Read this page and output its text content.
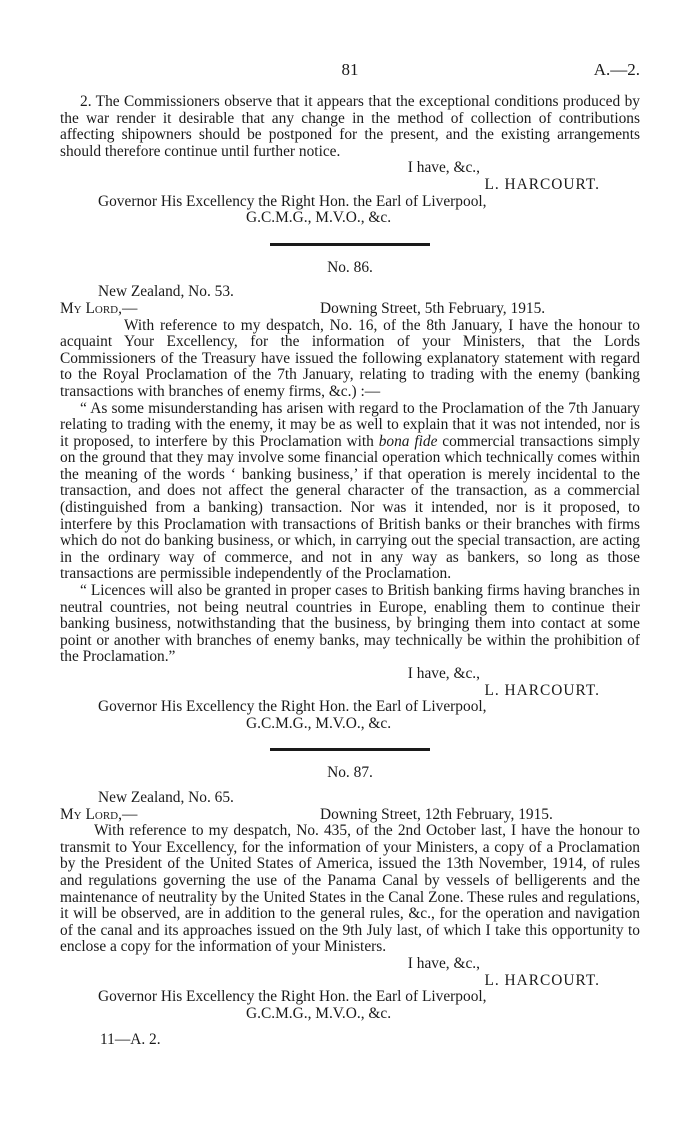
81	A.—2.

2. The Commissioners observe that it appears that the exceptional conditions produced by the war render it desirable that any change in the method of collection of contributions affecting shipowners should be postponed for the present, and the existing arrangements should therefore continue until further notice.

I have, &c.,

L. HARCOURT.

Governor His Excellency the Right Hon. the Earl of Liverpool,

G.C.M.G., M.V.O., &c.

No. 86.

New Zealand, No. 53.

My Lord,—	Downing Street, 5th February, 1915.

With reference to my despatch, No. 16, of the 8th January, I have the honour to acquaint Your Excellency, for the information of your Ministers, that the Lords Commissioners of the Treasury have issued the following explanatory statement with regard to the Royal Proclamation of the 7th January, relating to trading with the enemy (banking transactions with branches of enemy firms, &c.) :—

“ As some misunderstanding has arisen with regard to the Proclamation of the 7th January relating to trading with the enemy, it may be as well to explain that it was not intended, nor is it proposed, to interfere by this Proclamation with bona fide commercial transactions simply on the ground that they may involve some financial operation which technically comes within the meaning of the words ‘ banking business,’ if that operation is merely incidental to the transaction, and does not affect the general character of the transaction, as a commercial (distinguished from a banking) transaction. Nor was it intended, nor is it proposed, to interfere by this Proclamation with transactions of British banks or their branches with firms which do not do banking business, or which, in carrying out the special transaction, are acting in the ordinary way of commerce, and not in any way as bankers, so long as those transactions are permissible independently of the Proclamation.

“ Licences will also be granted in proper cases to British banking firms having branches in neutral countries, not being neutral countries in Europe, enabling them to continue their banking business, notwithstanding that the business, by bringing them into contact at some point or another with branches of enemy banks, may technically be within the prohibition of the Proclamation.”

I have, &c.,

L. HARCOURT.

Governor His Excellency the Right Hon. the Earl of Liverpool,

G.C.M.G., M.V.O., &c.

No. 87.

New Zealand, No. 65.

My Lord,—	Downing Street, 12th February, 1915.

With reference to my despatch, No. 435, of the 2nd October last, I have the honour to transmit to Your Excellency, for the information of your Ministers, a copy of a Proclamation by the President of the United States of America, issued the 13th November, 1914, of rules and regulations governing the use of the Panama Canal by vessels of belligerents and the maintenance of neutrality by the United States in the Canal Zone. These rules and regulations, it will be observed, are in addition to the general rules, &c., for the operation and navigation of the canal and its approaches issued on the 9th July last, of which I take this opportunity to enclose a copy for the information of your Ministers.

I have, &c.,

L. HARCOURT.

Governor His Excellency the Right Hon. the Earl of Liverpool,

G.C.M.G., M.V.O., &c.

11—A. 2.
